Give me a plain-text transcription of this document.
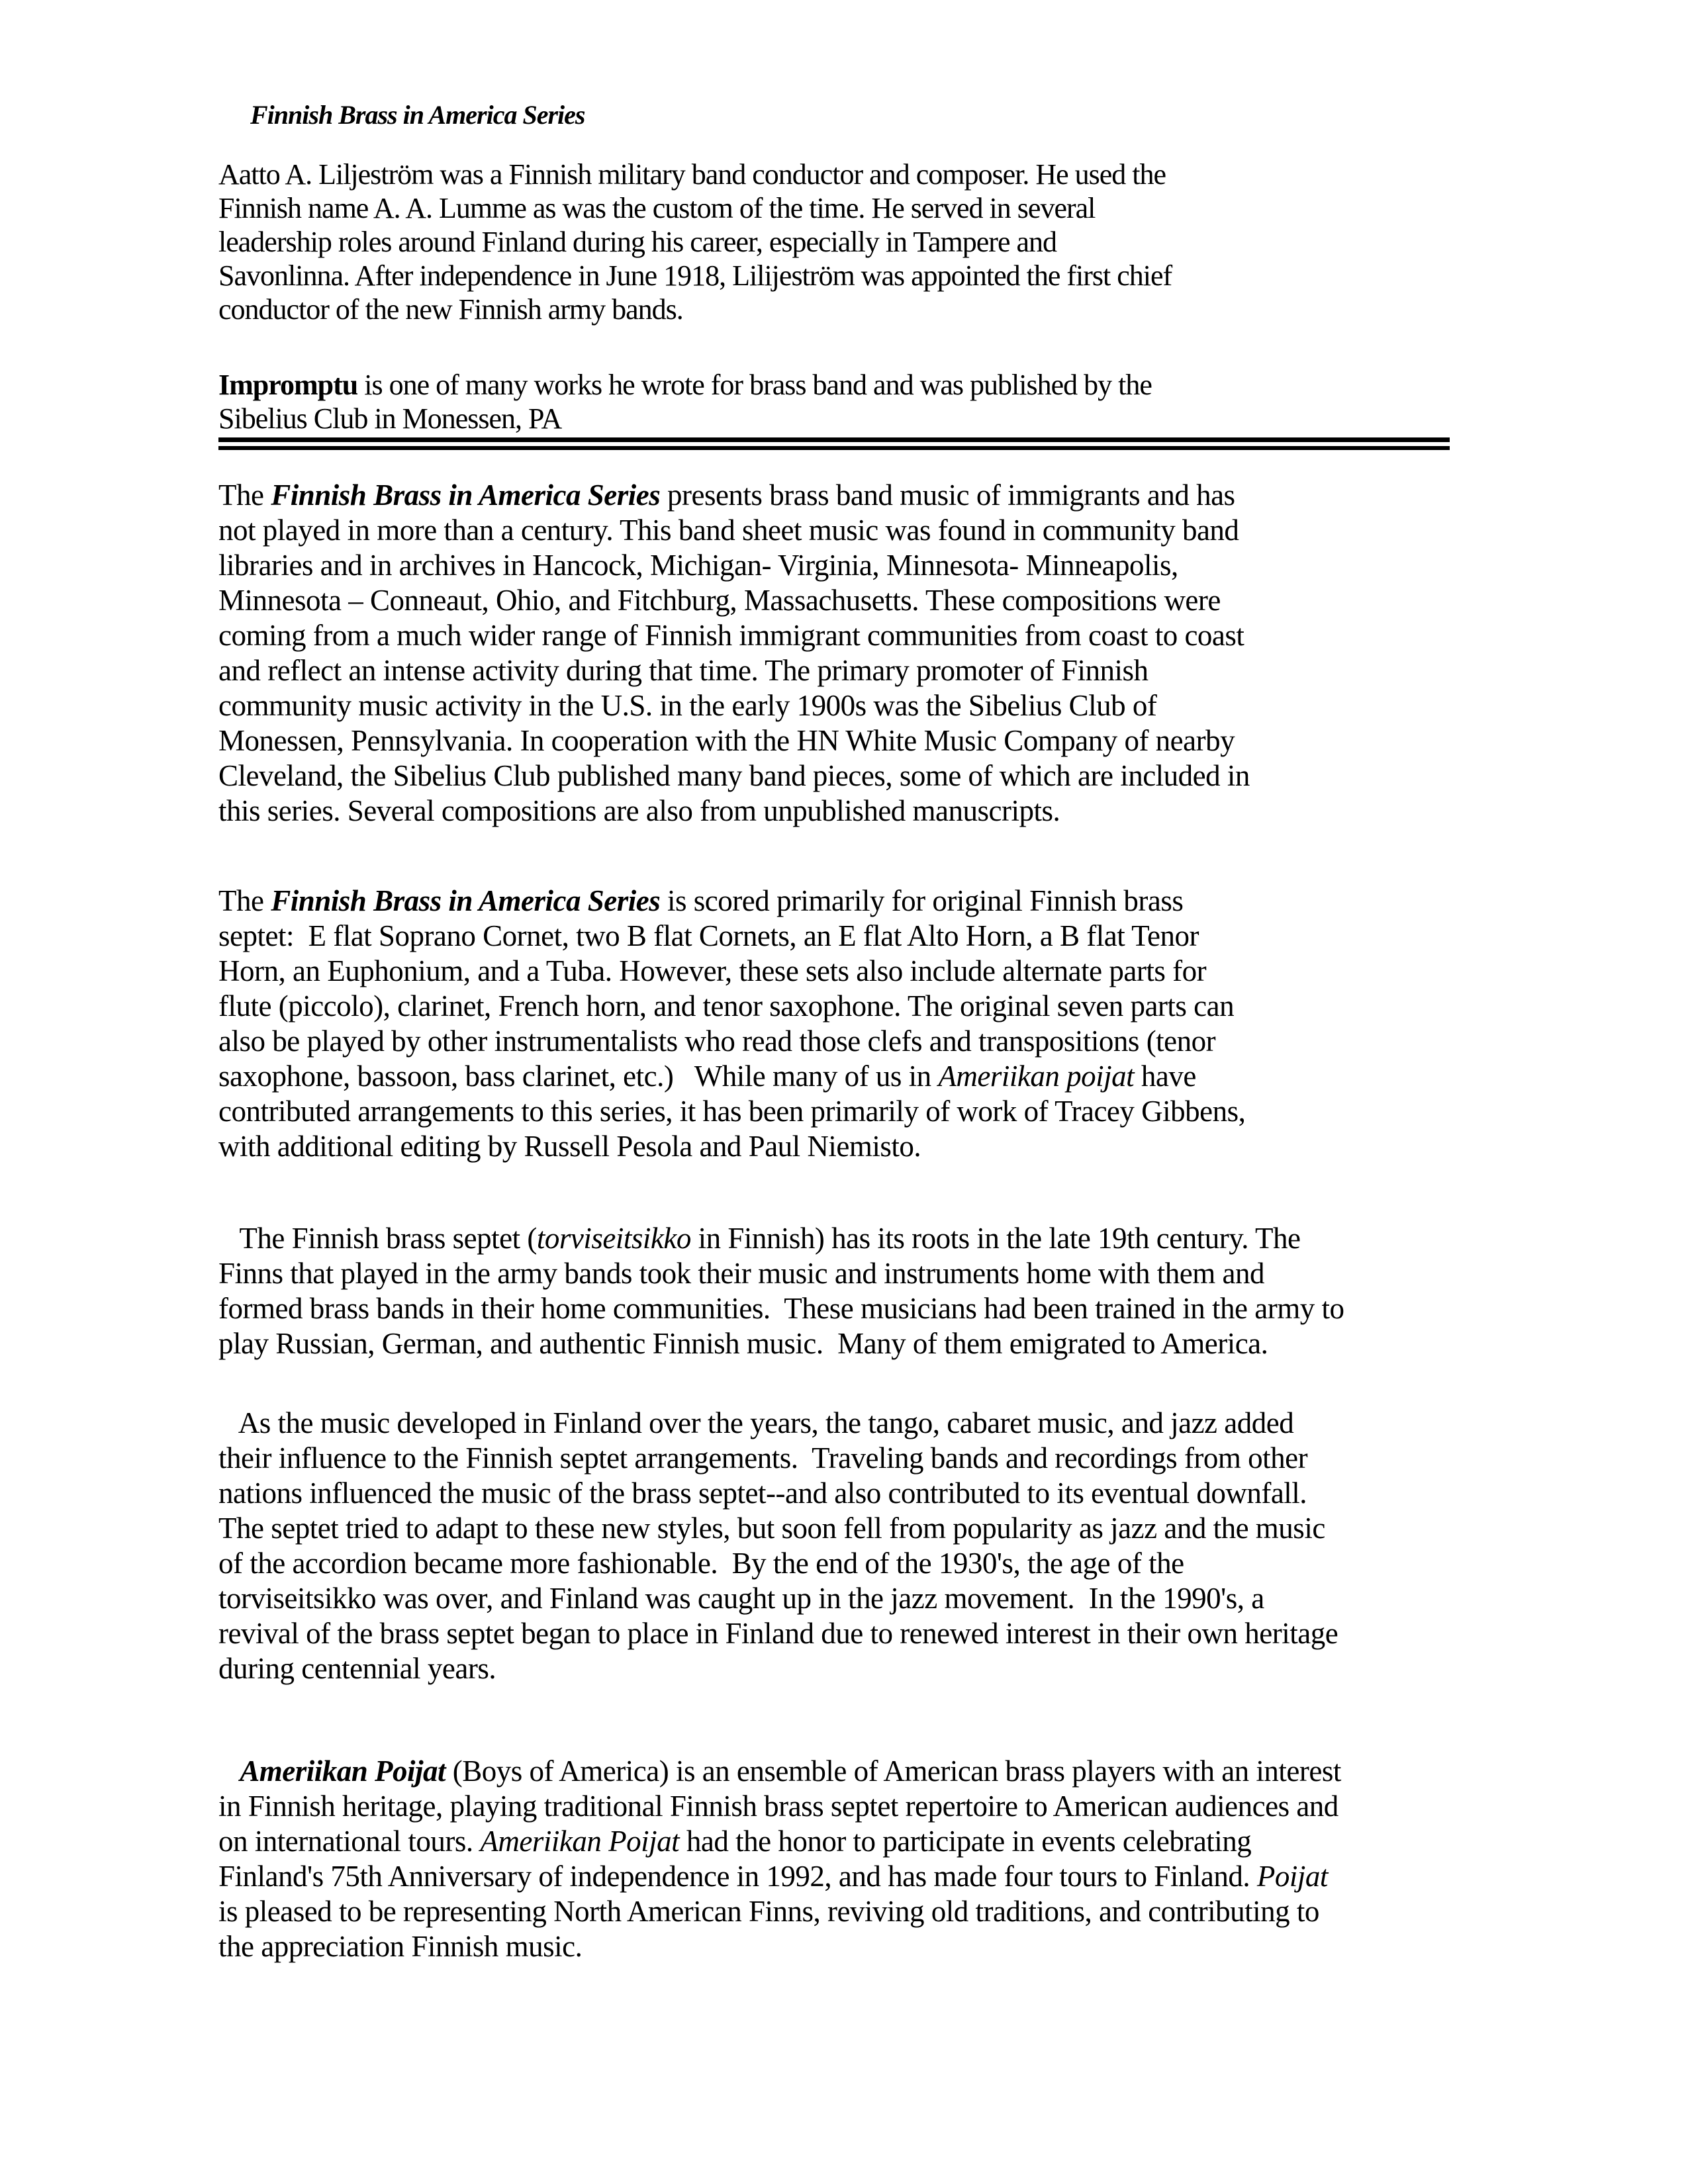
Finnish Brass in America Series
Aatto A. Liljeström was a Finnish military band conductor and composer. He used the
Finnish name A. A. Lumme as was the custom of the time. He served in several
leadership roles around Finland during his career, especially in Tampere and
Savonlinna. After independence in June 1918, Lilijeström was appointed the first chief
conductor of the new Finnish army bands.
Impromptu is one of many works he wrote for brass band and was published by the
Sibelius Club in Monessen, PA
The Finnish Brass in America Series presents brass band music of immigrants and has
not played in more than a century. This band sheet music was found in community band
libraries and in archives in Hancock, Michigan- Virginia, Minnesota- Minneapolis,
Minnesota – Conneaut, Ohio, and Fitchburg, Massachusetts. These compositions were
coming from a much wider range of Finnish immigrant communities from coast to coast
and reflect an intense activity during that time. The primary promoter of Finnish
community music activity in the U.S. in the early 1900s was the Sibelius Club of
Monessen, Pennsylvania. In cooperation with the HN White Music Company of nearby
Cleveland, the Sibelius Club published many band pieces, some of which are included in
this series. Several compositions are also from unpublished manuscripts.
The Finnish Brass in America Series is scored primarily for original Finnish brass
septet:  E flat Soprano Cornet, two B flat Cornets, an E flat Alto Horn, a B flat Tenor
Horn, an Euphonium, and a Tuba. However, these sets also include alternate parts for
flute (piccolo), clarinet, French horn, and tenor saxophone. The original seven parts can
also be played by other instrumentalists who read those clefs and transpositions (tenor
saxophone, bassoon, bass clarinet, etc.)   While many of us in Ameriikan poijat have
contributed arrangements to this series, it has been primarily of work of Tracey Gibbens,
with additional editing by Russell Pesola and Paul Niemisto.
The Finnish brass septet (torviseitsikko in Finnish) has its roots in the late 19th century. The
Finns that played in the army bands took their music and instruments home with them and
formed brass bands in their home communities.  These musicians had been trained in the army to
play Russian, German, and authentic Finnish music.  Many of them emigrated to America.
As the music developed in Finland over the years, the tango, cabaret music, and jazz added
their influence to the Finnish septet arrangements.  Traveling bands and recordings from other
nations influenced the music of the brass septet--and also contributed to its eventual downfall.
The septet tried to adapt to these new styles, but soon fell from popularity as jazz and the music
of the accordion became more fashionable.  By the end of the 1930's, the age of the
torviseitsikko was over, and Finland was caught up in the jazz movement.  In the 1990's, a
revival of the brass septet began to place in Finland due to renewed interest in their own heritage
during centennial years.
Ameriikan Poijat (Boys of America) is an ensemble of American brass players with an interest
in Finnish heritage, playing traditional Finnish brass septet repertoire to American audiences and
on international tours. Ameriikan Poijat had the honor to participate in events celebrating
Finland's 75th Anniversary of independence in 1992, and has made four tours to Finland. Poijat
is pleased to be representing North American Finns, reviving old traditions, and contributing to
the appreciation Finnish music.
